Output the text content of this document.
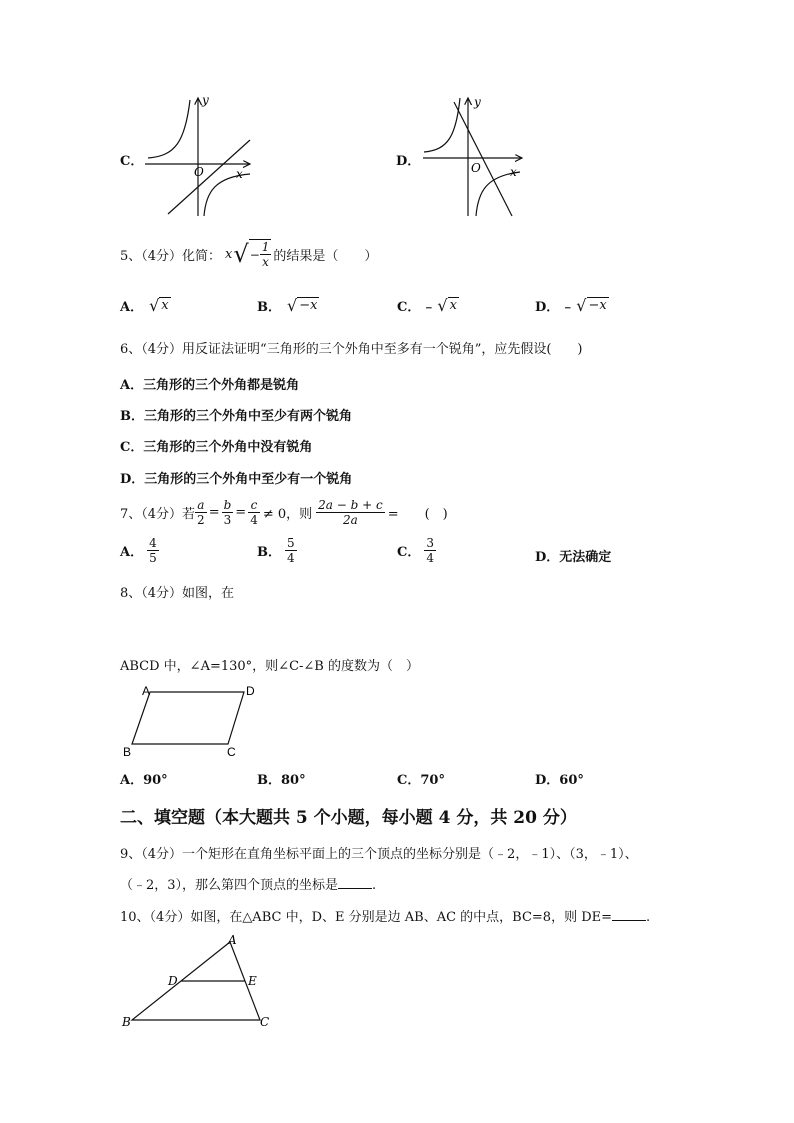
C．
y
x
O
D．
y
x
O
5、（4分）化简： x √ − $\frac{1}{x}$ 的结果是（　　）
A． √ x	B． √ −x	C． ﹣ √ x	D． ﹣ √ −x
6、（4分）用反证法证明“三角形的三个外角中至多有一个锐角”，应先假设(　　)
A．三角形的三个外角都是锐角
B．三角形的三个外角中至少有两个锐角
C．三角形的三个外角中没有锐角
D．三角形的三个外角中至少有一个锐角
7、（4分）若 $\frac{a}{2} = \frac{b}{3} = \frac{c}{4} \ne 0$，则 $\frac{2a - b + c}{2a}$ =　　(　)
A． $\frac{4}{5}$	B． $\frac{5}{4}$	C． $\frac{3}{4}$	D．无法确定
8、（4分）如图，在
ABCD 中，∠A=130°，则∠C-∠B 的度数为（　）
A	D
B	C
A．90°	B．80°	C．70°	D．60°
二、填空题（本大题共 5 个小题，每小题 4 分，共 20 分）
9、（4分）一个矩形在直角坐标平面上的三个顶点的坐标分别是（﹣2，﹣1）、（3，﹣1）、
（﹣2，3），那么第四个顶点的坐标是	.
10、（4分）如图，在△ABC 中，D、E 分别是边 AB、AC 的中点，BC=8，则 DE=	.
A
B	C
D	E
